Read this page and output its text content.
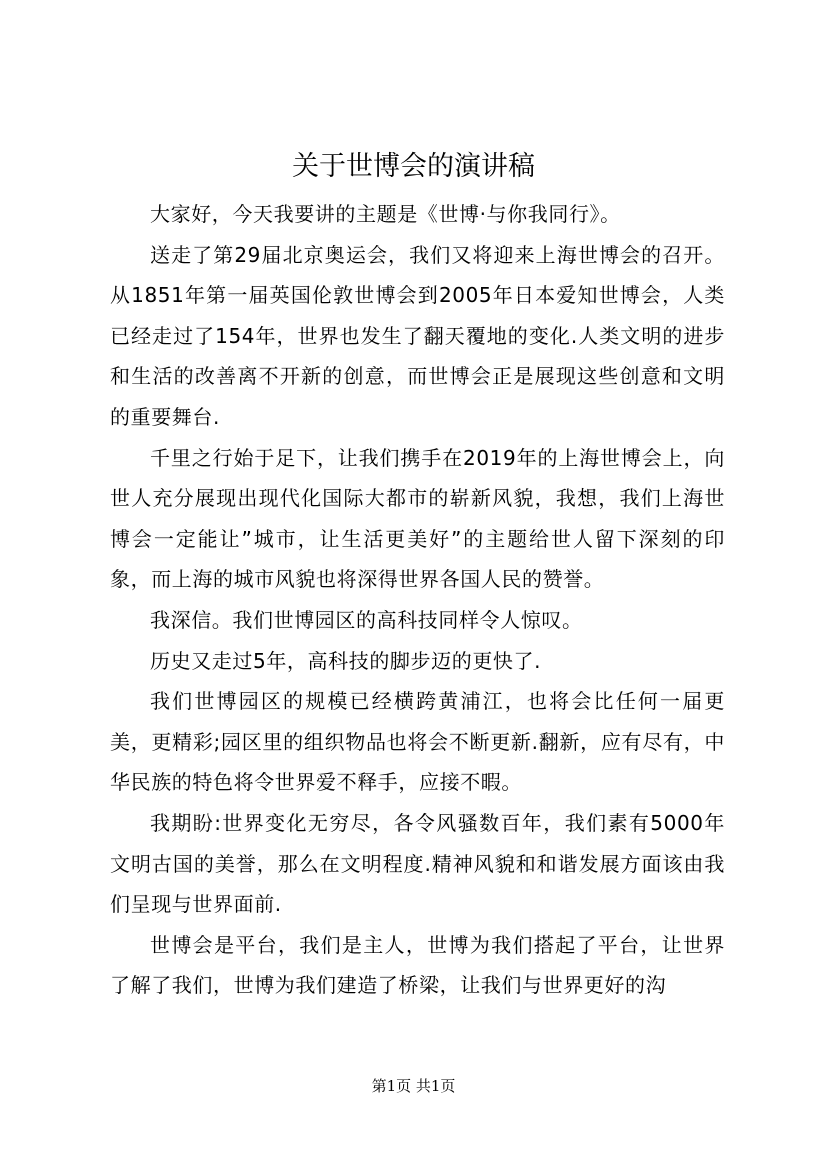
关于世博会的演讲稿

大家好，今天我要讲的主题是《世博·与你我同行》。

送走了第29届北京奥运会，我们又将迎来上海世博会的召开。从1851年第一届英国伦敦世博会到2005年日本爱知世博会，人类已经走过了154年，世界也发生了翻天覆地的变化.人类文明的进步和生活的改善离不开新的创意，而世博会正是展现这些创意和文明的重要舞台.

千里之行始于足下，让我们携手在2019年的上海世博会上，向世人充分展现出现代化国际大都市的崭新风貌，我想，我们上海世博会一定能让”城市，让生活更美好”的主题给世人留下深刻的印象，而上海的城市风貌也将深得世界各国人民的赞誉。

我深信。我们世博园区的高科技同样令人惊叹。

历史又走过5年，高科技的脚步迈的更快了.

我们世博园区的规模已经横跨黄浦江，也将会比任何一届更美，更精彩;园区里的组织物品也将会不断更新.翻新，应有尽有，中华民族的特色将令世界爱不释手，应接不暇。

我期盼:世界变化无穷尽，各令风骚数百年，我们素有5000年文明古国的美誉，那么在文明程度.精神风貌和和谐发展方面该由我们呈现与世界面前.

世博会是平台，我们是主人，世博为我们搭起了平台，让世界了解了我们，世博为我们建造了桥梁，让我们与世界更好的沟

第1页 共1页
